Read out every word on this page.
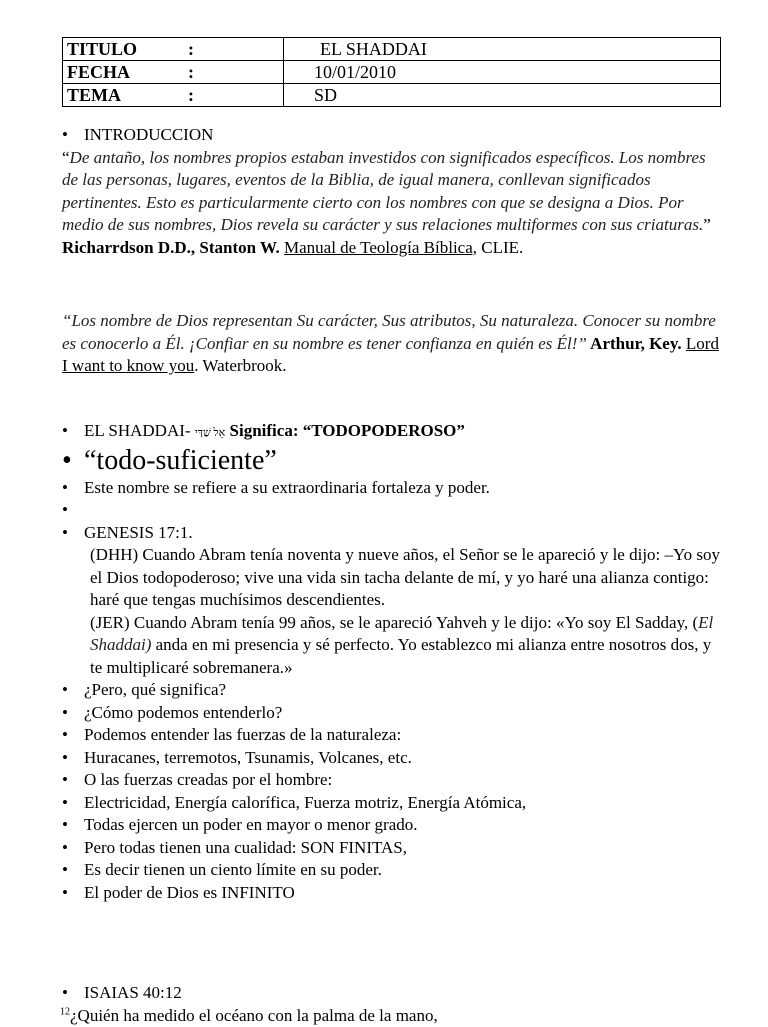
TITULO :	EL SHADDAI
FECHA :	10/01/2010
TEMA :	SD
• INTRODUCCION
“De antaño, los nombres propios estaban investidos con significados específicos. Los nombres de las personas, lugares, eventos de la Biblia, de igual manera, conllevan significados pertinentes. Esto es particularmente cierto con los nombres con que se designa a Dios. Por medio de sus nombres, Dios revela su carácter y sus relaciones multiformes con sus criaturas.” Richarrdson D.D., Stanton W. Manual de Teología Bíblica, CLIE.
“Los nombre de Dios representan Su carácter, Sus atributos, Su naturaleza. Conocer su nombre es conocerlo a Él. ¡Confiar en su nombre es tener confianza en quién es Él!” Arthur, Key. Lord I want to know you. Waterbrook.
• EL SHADDAI- אֵל שַׁדַּי Significa: “TODOPODEROSO”
• “todo-suficiente”
• Este nombre se refiere a su extraordinaria fortaleza y poder.
•
• GENESIS 17:1.
(DHH) Cuando Abram tenía noventa y nueve años, el Señor se le apareció y le dijo: –Yo soy el Dios todopoderoso; vive una vida sin tacha delante de mí, y yo haré una alianza contigo: haré que tengas muchísimos descendientes.
(JER) Cuando Abram tenía 99 años, se le apareció Yahveh y le dijo: «Yo soy El Sadday, (El Shaddai) anda en mi presencia y sé perfecto. Yo establezco mi alianza entre nosotros dos, y te multiplicaré sobremanera.»
• ¿Pero, qué significa?
• ¿Cómo podemos entenderlo?
• Podemos entender las fuerzas de la naturaleza:
• Huracanes, terremotos, Tsunamis, Volcanes, etc.
• O las fuerzas creadas por el hombre:
• Electricidad, Energía calorífica, Fuerza motriz, Energía Atómica,
• Todas ejercen un poder en mayor o menor grado.
• Pero todas tienen una cualidad: SON FINITAS,
• Es decir tienen un ciento límite en su poder.
• El poder de Dios es INFINITO
• ISAIAS 40:12
$^{12}$¿Quién ha medido el océano con la palma de la mano,
